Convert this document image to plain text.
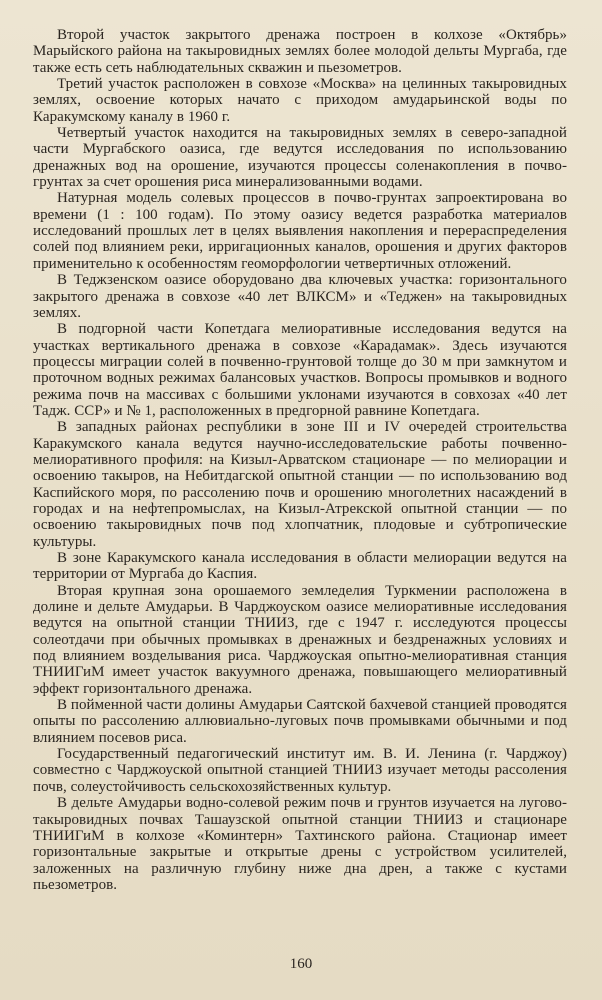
Второй участок закрытого дренажа построен в колхозе «Октябрь» Марыйского района на такыровидных землях более молодой дельты Мургаба, где также есть сеть наблюдательных скважин и пьезометров.

Третий участок расположен в совхозе «Москва» на целинных такыровидных землях, освоение которых начато с приходом амударьинской воды по Каракумскому каналу в 1960 г.

Четвертый участок находится на такыровидных землях в северо-западной части Мургабского оазиса, где ведутся исследования по использованию дренажных вод на орошение, изучаются процессы соленакопления в почво-грунтах за счет орошения риса минерализованными водами.

Натурная модель солевых процессов в почво-грунтах запроектирована во времени (1 : 100 годам). По этому оазису ведется разработка материалов исследований прошлых лет в целях выявления накопления и перераспределения солей под влиянием реки, ирригационных каналов, орошения и других факторов применительно к особенностям геоморфологии четвертичных отложений.

В Теджзенском оазисе оборудовано два ключевых участка: горизонтального закрытого дренажа в совхозе «40 лет ВЛКСМ» и «Теджен» на такыровидных землях.

В подгорной части Копетдага мелиоративные исследования ведутся на участках вертикального дренажа в совхозе «Карадамак». Здесь изучаются процессы миграции солей в почвенно-грунтовой толще до 30 м при замкнутом и проточном водных режимах балансовых участков. Вопросы промывков и водного режима почв на массивах с большими уклонами изучаются в совхозах «40 лет Тадж. ССР» и № 1, расположенных в предгорной равнине Копетдага.

В западных районах республики в зоне III и IV очередей строительства Каракумского канала ведутся научно-исследовательские работы почвенно-мелиоративного профиля: на Кизыл-Арватском стационаре — по мелиорации и освоению такыров, на Небитдагской опытной станции — по использованию вод Каспийского моря, по рассолению почв и орошению многолетних насаждений в городах и на нефтепромыслах, на Кизыл-Атрекской опытной станции — по освоению такыровидных почв под хлопчатник, плодовые и субтропические культуры.

В зоне Каракумского канала исследования в области мелиорации ведутся на территории от Мургаба до Каспия.

Вторая крупная зона орошаемого земледелия Туркмении расположена в долине и дельте Амударьи. В Чарджоуском оазисе мелиоративные исследования ведутся на опытной станции ТНИИЗ, где с 1947 г. исследуются процессы солеотдачи при обычных промывках в дренажных и бездренажных условиях и под влиянием возделывания риса. Чарджоуская опытно-мелиоративная станция ТНИИГиМ имеет участок вакуумного дренажа, повышающего мелиоративный эффект горизонтального дренажа.

В пойменной части долины Амударьи Саятской бахчевой станцией проводятся опыты по рассолению аллювиально-луговых почв промывками обычными и под влиянием посевов риса.

Государственный педагогический институт им. В. И. Ленина (г. Чарджоу) совместно с Чарджоуской опытной станцией ТНИИЗ изучает методы рассоления почв, солеустойчивость сельскохозяйственных культур.

В дельте Амударьи водно-солевой режим почв и грунтов изучается на лугово-такыровидных почвах Ташаузской опытной станции ТНИИЗ и стационаре ТНИИГиМ в колхозе «Коминтерн» Тахтинского района. Стационар имеет горизонтальные закрытые и открытые дрены с устройством усилителей, заложенных на различную глубину ниже дна дрен, а также с кустами пьезометров.

160
